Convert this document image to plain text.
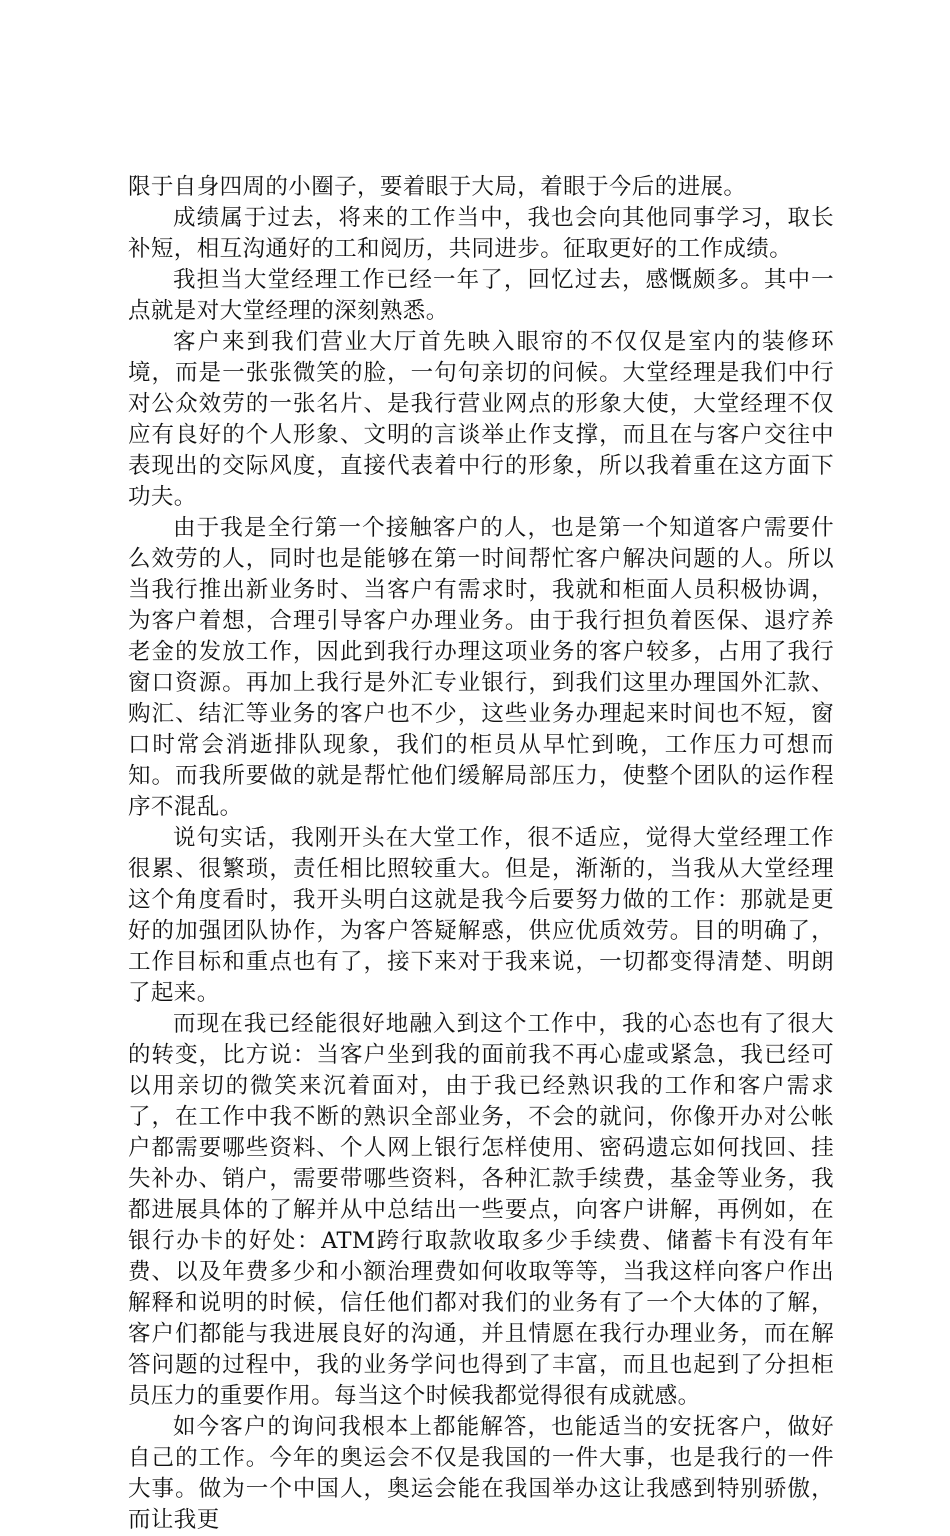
限于自身四周的小圈子，要着眼于大局，着眼于今后的进展。

成绩属于过去，将来的工作当中，我也会向其他同事学习，取长补短，相互沟通好的工和阅历，共同进步。征取更好的工作成绩。

我担当大堂经理工作已经一年了，回忆过去，感慨颇多。其中一点就是对大堂经理的深刻熟悉。

客户来到我们营业大厅首先映入眼帘的不仅仅是室内的装修环境，而是一张张微笑的脸，一句句亲切的问候。大堂经理是我们中行对公众效劳的一张名片、是我行营业网点的形象大使，大堂经理不仅应有良好的个人形象、文明的言谈举止作支撑，而且在与客户交往中表现出的交际风度，直接代表着中行的形象，所以我着重在这方面下功夫。

由于我是全行第一个接触客户的人，也是第一个知道客户需要什么效劳的人，同时也是能够在第一时间帮忙客户解决问题的人。所以当我行推出新业务时、当客户有需求时，我就和柜面人员积极协调，为客户着想，合理引导客户办理业务。由于我行担负着医保、退疗养老金的发放工作，因此到我行办理这项业务的客户较多，占用了我行窗口资源。再加上我行是外汇专业银行，到我们这里办理国外汇款、购汇、结汇等业务的客户也不少，这些业务办理起来时间也不短，窗口时常会消逝排队现象，我们的柜员从早忙到晚，工作压力可想而知。而我所要做的就是帮忙他们缓解局部压力，使整个团队的运作程序不混乱。

说句实话，我刚开头在大堂工作，很不适应，觉得大堂经理工作很累、很繁琐，责任相比照较重大。但是，渐渐的，当我从大堂经理这个角度看时，我开头明白这就是我今后要努力做的工作：那就是更好的加强团队协作，为客户答疑解惑，供应优质效劳。目的明确了，工作目标和重点也有了，接下来对于我来说，一切都变得清楚、明朗了起来。

而现在我已经能很好地融入到这个工作中，我的心态也有了很大的转变，比方说：当客户坐到我的面前我不再心虚或紧急，我已经可以用亲切的微笑来沉着面对，由于我已经熟识我的工作和客户需求了，在工作中我不断的熟识全部业务，不会的就问，你像开办对公帐户都需要哪些资料、个人网上银行怎样使用、密码遗忘如何找回、挂失补办、销户，需要带哪些资料，各种汇款手续费，基金等业务，我都进展具体的了解并从中总结出一些要点，向客户讲解，再例如，在银行办卡的好处：ATM跨行取款收取多少手续费、储蓄卡有没有年费、以及年费多少和小额治理费如何收取等等，当我这样向客户作出解释和说明的时候，信任他们都对我们的业务有了一个大体的了解，客户们都能与我进展良好的沟通，并且情愿在我行办理业务，而在解答问题的过程中，我的业务学问也得到了丰富，而且也起到了分担柜员压力的重要作用。每当这个时候我都觉得很有成就感。

如今客户的询问我根本上都能解答，也能适当的安抚客户，做好自己的工作。今年的奥运会不仅是我国的一件大事，也是我行的一件大事。做为一个中国人，奥运会能在我国举办这让我感到特别骄傲，而让我更
